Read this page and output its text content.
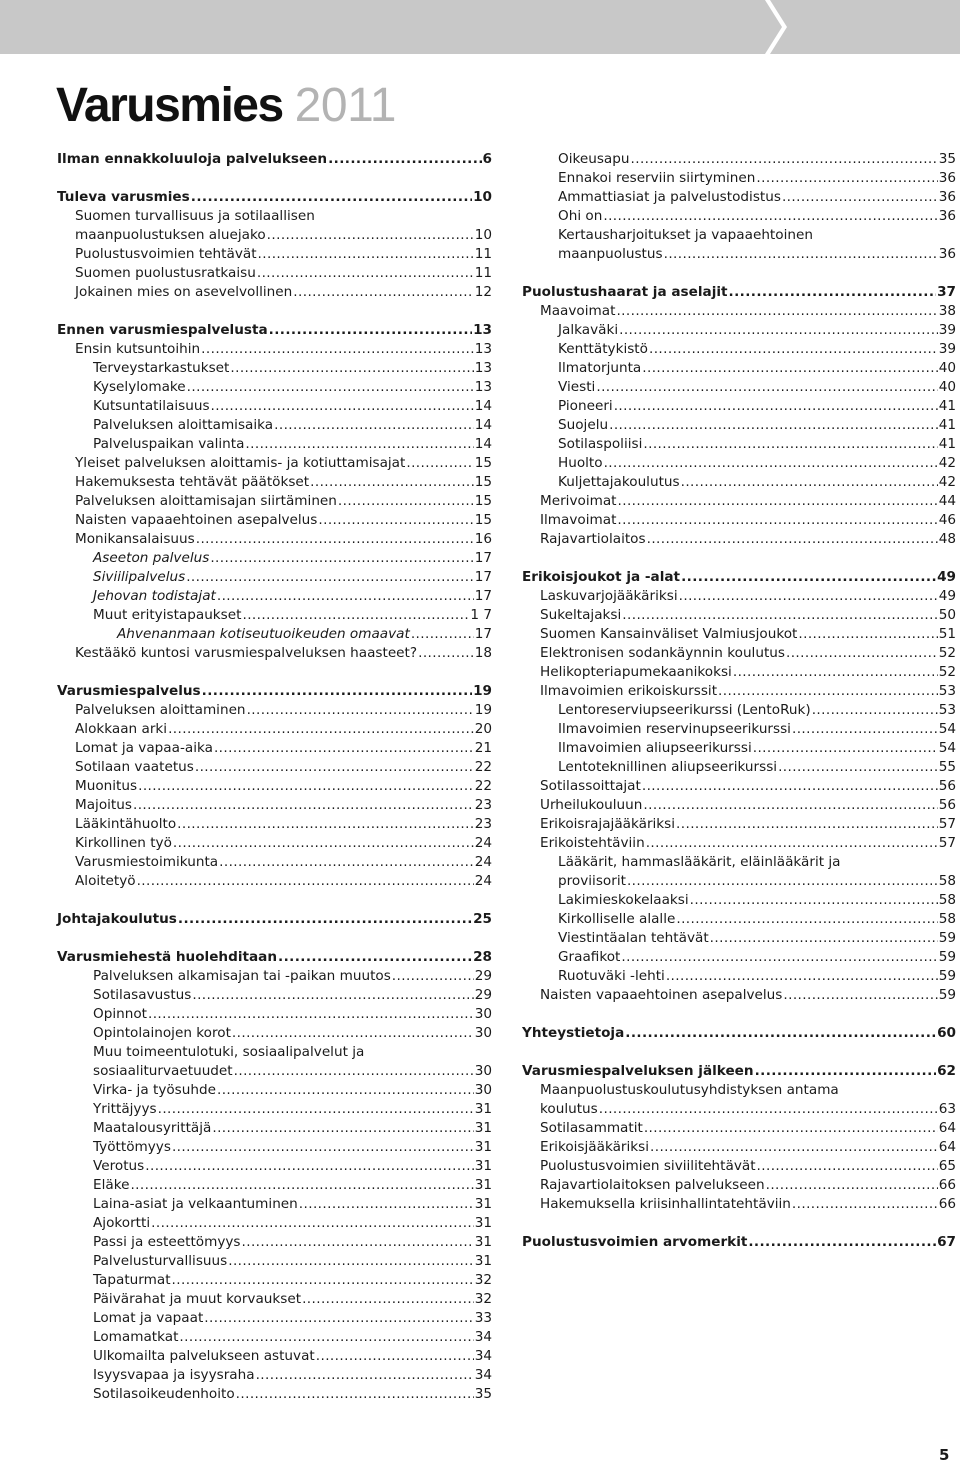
Varusmies 2011
Ilman ennakkoluuloja palvelukseen .....	6
Tuleva varusmies .....	10
Suomen turvallisuus ja sotilaallisen
maanpuolustuksen aluejako .....	10
Puolustusvoimien tehtävät .....	11
Suomen puolustusratkaisu .....	11
Jokainen mies on asevelvollinen .....	12
Ennen varusmiespalvelusta .....	13
Ensin kutsuntoihin .....	13
Terveystarkastukset .....	13
Kyselylomake .....	13
Kutsuntatilaisuus .....	14
Palveluksen aloittamisaika .....	14
Palveluspaikan valinta .....	14
Yleiset palveluksen aloittamis- ja kotiuttamisajat .....	15
Hakemuksesta tehtävät päätökset .....	15
Palveluksen aloittamisajan siirtäminen .....	15
Naisten vapaaehtoinen asepalvelus .....	15
Monikansalaisuus .....	16
Aseeton palvelus .....	17
Siviilipalvelus .....	17
Jehovan todistajat .....	17
Muut erityistapaukset .....	1 7
Ahvenanmaan kotiseutuoikeuden omaavat .....	17
Kestääkö kuntosi varusmiespalveluksen haasteet? .....	18
Varusmiespalvelus .....	19
Palveluksen aloittaminen .....	19
Alokkaan arki .....	20
Lomat ja vapaa-aika .....	21
Sotilaan vaatetus .....	22
Muonitus .....	22
Majoitus .....	23
Lääkintähuolto .....	23
Kirkollinen työ .....	24
Varusmiestoimikunta .....	24
Aloitetyö .....	24
Johtajakoulutus .....	25
Varusmiehestä huolehditaan .....	28
Palveluksen alkamisajan tai -paikan muutos .....	29
Sotilasavustus .....	29
Opinnot .....	30
Opintolainojen korot .....	30
Muu toimeentulotuki, sosiaalipalvelut ja
sosiaaliturvaetuudet .....	30
Virka- ja työsuhde .....	30
Yrittäjyys .....	31
Maatalousyrittäjä .....	31
Työttömyys .....	31
Verotus .....	31
Eläke .....	31
Laina-asiat ja velkaantuminen .....	31
Ajokortti .....	31
Passi ja esteettömyys .....	31
Palvelusturvallisuus .....	31
Tapaturmat .....	32
Päivärahat ja muut korvaukset .....	32
Lomat ja vapaat .....	33
Lomamatkat .....	34
Ulkomailta palvelukseen astuvat .....	34
Isyysvapaa ja isyysraha .....	34
Sotilasoikeudenhoito .....	35
Oikeusapu .....	35
Ennakoi reserviin siirtyminen .....	36
Ammattiasiat ja palvelustodistus .....	36
Ohi on .....	36
Kertausharjoitukset ja vapaaehtoinen
maanpuolustus .....	36
Puolustushaarat ja aselajit .....	37
Maavoimat .....	38
Jalkaväki .....	39
Kenttätykistö .....	39
Ilmatorjunta .....	40
Viesti .....	40
Pioneeri .....	41
Suojelu .....	41
Sotilaspoliisi .....	41
Huolto .....	42
Kuljettajakoulutus .....	42
Merivoimat .....	44
Ilmavoimat .....	46
Rajavartiolaitos .....	48
Erikoisjoukot ja -alat .....	49
Laskuvarjojääkäriksi .....	49
Sukeltajaksi .....	50
Suomen Kansainväliset Valmiusjoukot .....	51
Elektronisen sodankäynnin koulutus .....	52
Helikopteriapumekaanikoksi .....	52
Ilmavoimien erikoiskurssit .....	53
Lentoreserviupseerikurssi (LentoRuk) .....	53
Ilmavoimien reservinupseerikurssi .....	54
Ilmavoimien aliupseerikurssi .....	54
Lentoteknillinen aliupseerikurssi .....	55
Sotilassoittajat .....	56
Urheilukouluun .....	56
Erikoisrajajääkäriksi .....	57
Erikoistehtäviin .....	57
Lääkärit, hammaslääkärit, eläinlääkärit ja
proviisorit .....	58
Lakimieskokelaaksi .....	58
Kirkolliselle alalle .....	58
Viestintäalan tehtävät .....	59
Graafikot .....	59
Ruotuväki -lehti .....	59
Naisten vapaaehtoinen asepalvelus .....	59
Yhteystietoja .....	60
Varusmiespalveluksen jälkeen .....	62
Maanpuolustuskoulutusyhdistyksen antama
koulutus .....	63
Sotilasammatit .....	64
Erikoisjääkäriksi .....	64
Puolustusvoimien siviilitehtävät .....	65
Rajavartiolaitoksen palvelukseen .....	66
Hakemuksella kriisinhallintatehtäviin .....	66
Puolustusvoimien arvomerkit .....	67
5
